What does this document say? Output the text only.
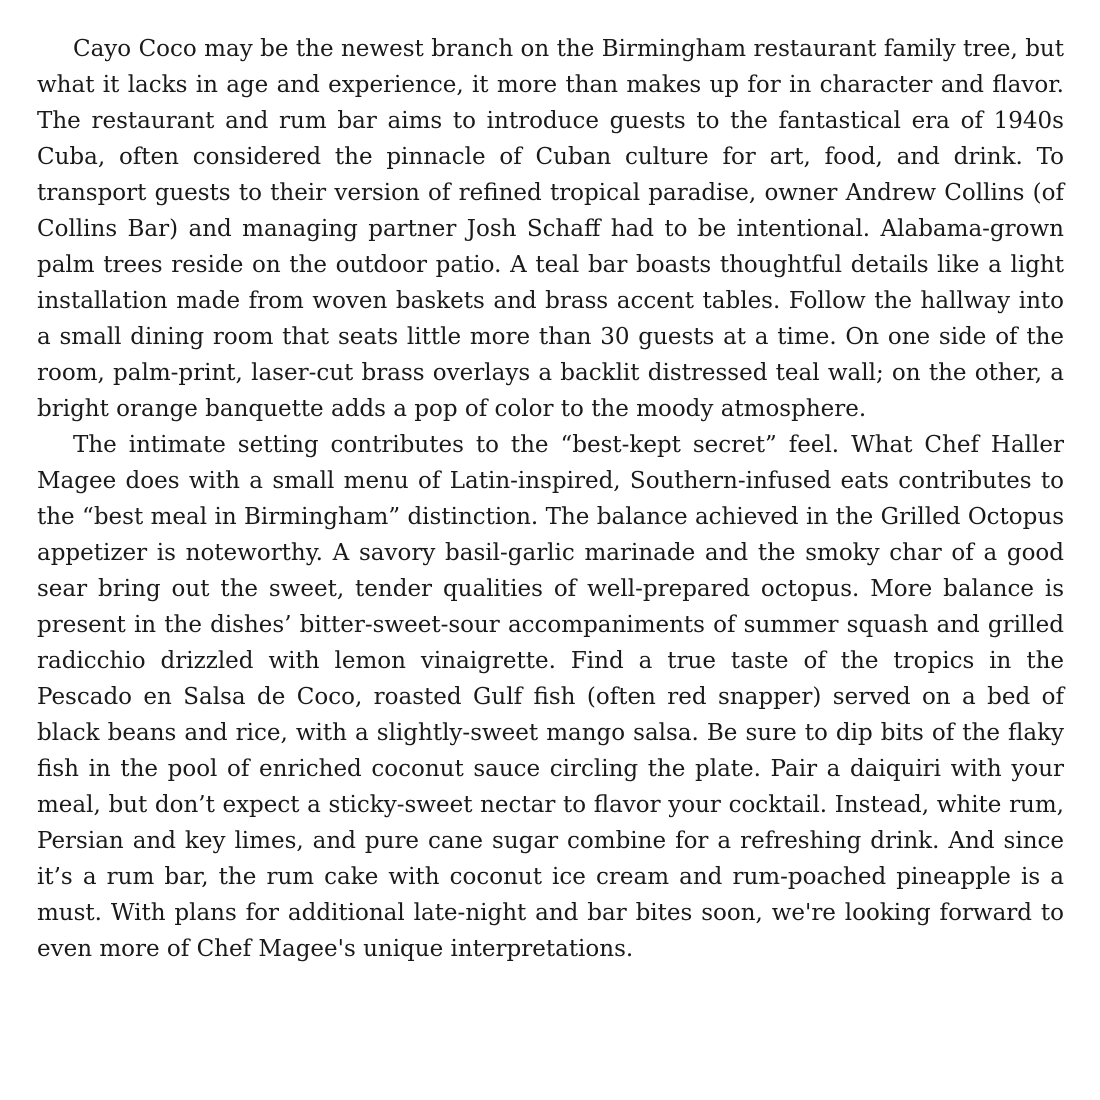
Cayo Coco may be the newest branch on the Birmingham restaurant family tree, but what it lacks in age and experience, it more than makes up for in character and flavor. The restaurant and rum bar aims to introduce guests to the fantastical era of 1940s Cuba, often considered the pinnacle of Cuban culture for art, food, and drink. To transport guests to their version of refined tropical paradise, owner Andrew Collins (of Collins Bar) and managing partner Josh Schaff had to be intentional. Alabama-grown palm trees reside on the outdoor patio. A teal bar boasts thoughtful details like a light installation made from woven baskets and brass accent tables. Follow the hallway into a small dining room that seats little more than 30 guests at a time. On one side of the room, palm-print, laser-cut brass overlays a backlit distressed teal wall; on the other, a bright orange banquette adds a pop of color to the moody atmosphere.

The intimate setting contributes to the “best-kept secret” feel. What Chef Haller Magee does with a small menu of Latin-inspired, Southern-infused eats contributes to the “best meal in Birmingham” distinction. The balance achieved in the Grilled Octopus appetizer is noteworthy. A savory basil-garlic marinade and the smoky char of a good sear bring out the sweet, tender qualities of well-prepared octopus. More balance is present in the dishes’ bitter-sweet-sour accompaniments of summer squash and grilled radicchio drizzled with lemon vinaigrette. Find a true taste of the tropics in the Pescado en Salsa de Coco, roasted Gulf fish (often red snapper) served on a bed of black beans and rice, with a slightly-sweet mango salsa. Be sure to dip bits of the flaky fish in the pool of enriched coconut sauce circling the plate. Pair a daiquiri with your meal, but don’t expect a sticky-sweet nectar to flavor your cocktail. Instead, white rum, Persian and key limes, and pure cane sugar combine for a refreshing drink. And since it’s a rum bar, the rum cake with coconut ice cream and rum-poached pineapple is a must. With plans for additional late-night and bar bites soon, we're looking forward to even more of Chef Magee's unique interpretations.
